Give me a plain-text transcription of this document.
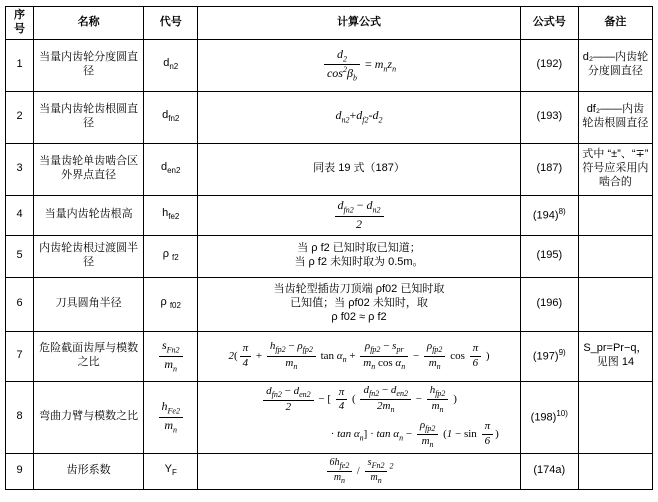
序号	名称	代号	计算公式	公式号	备注
1	当量内齿轮分度圆直径	$d_{n2}$	$\frac{d_2}{\cos^2\beta_b} = m_nz_n$	(192)	d₂——内齿轮分度圆直径
2	当量内齿轮齿根圆直径	$d_{fn2}$	$d_{n2}+d_{f2}-d_2$	(193)	df₂——内齿轮齿根圆直径
3	当量齿轮单齿啮合区外界点直径	$d_{en2}$	同表 19 式（187）	(187)	式中 “±”、“∓” 符号应采用内啮合的
4	当量内齿轮齿根高	$h_{fe2}$	$\frac{d_{fn2} - d_{n2}}{2}$	$(194)^{8)}$	
5	内齿轮齿根过渡圆半径	ρ $_{f2}$	当 ρ f2 已知时取已知道；
当 ρ f2 未知时取为 0.5m。	(195)	
6	刀具圆角半径	ρ $_{f02}$	当齿轮型插齿刀顶端 ρf02 已知时取
已知值；当 ρf02 未知时，取
ρ f02 ≈ ρ f2	(196)	
7	危险截面齿厚与模数之比	$\frac{s_{Fn2}}{m_n}$	$2( \frac{\pi}{4} + \frac{h_{fp2} - \rho_{fp2}}{m_n}$ $\tan \alpha_n + \frac{\rho_{fp2} - s_{pr}}{m_n \cos \alpha_n} - \frac{\rho_{fp2}}{m_n}$ $\cos \frac{\pi}{6}$ )	$(197)^{9)}$	S_pr=Pr−q，见图 14
8	弯曲力臂与模数之比	$\frac{h_{Fe2}}{m_n}$	$\frac{d_{fn2} - d_{en2}}{2}$ − [ $\frac{\pi}{4}$ ( $\frac{d_{fn2} - d_{en2}}{2m_n} - \frac{h_{fp2}}{m_n}$ )
· $\tan \alpha_n] \cdot \tan \alpha_n - \frac{\rho_{fp2}}{m_n} (1 - \sin \frac{\pi}{6}$ )
	$(198)^{10)}$	
9	齿形系数	$Y_F$	$\frac{6h_{fe2}}{m_n} / \frac{s_{Fn2}}{m_n} ^2$	(174a)	
